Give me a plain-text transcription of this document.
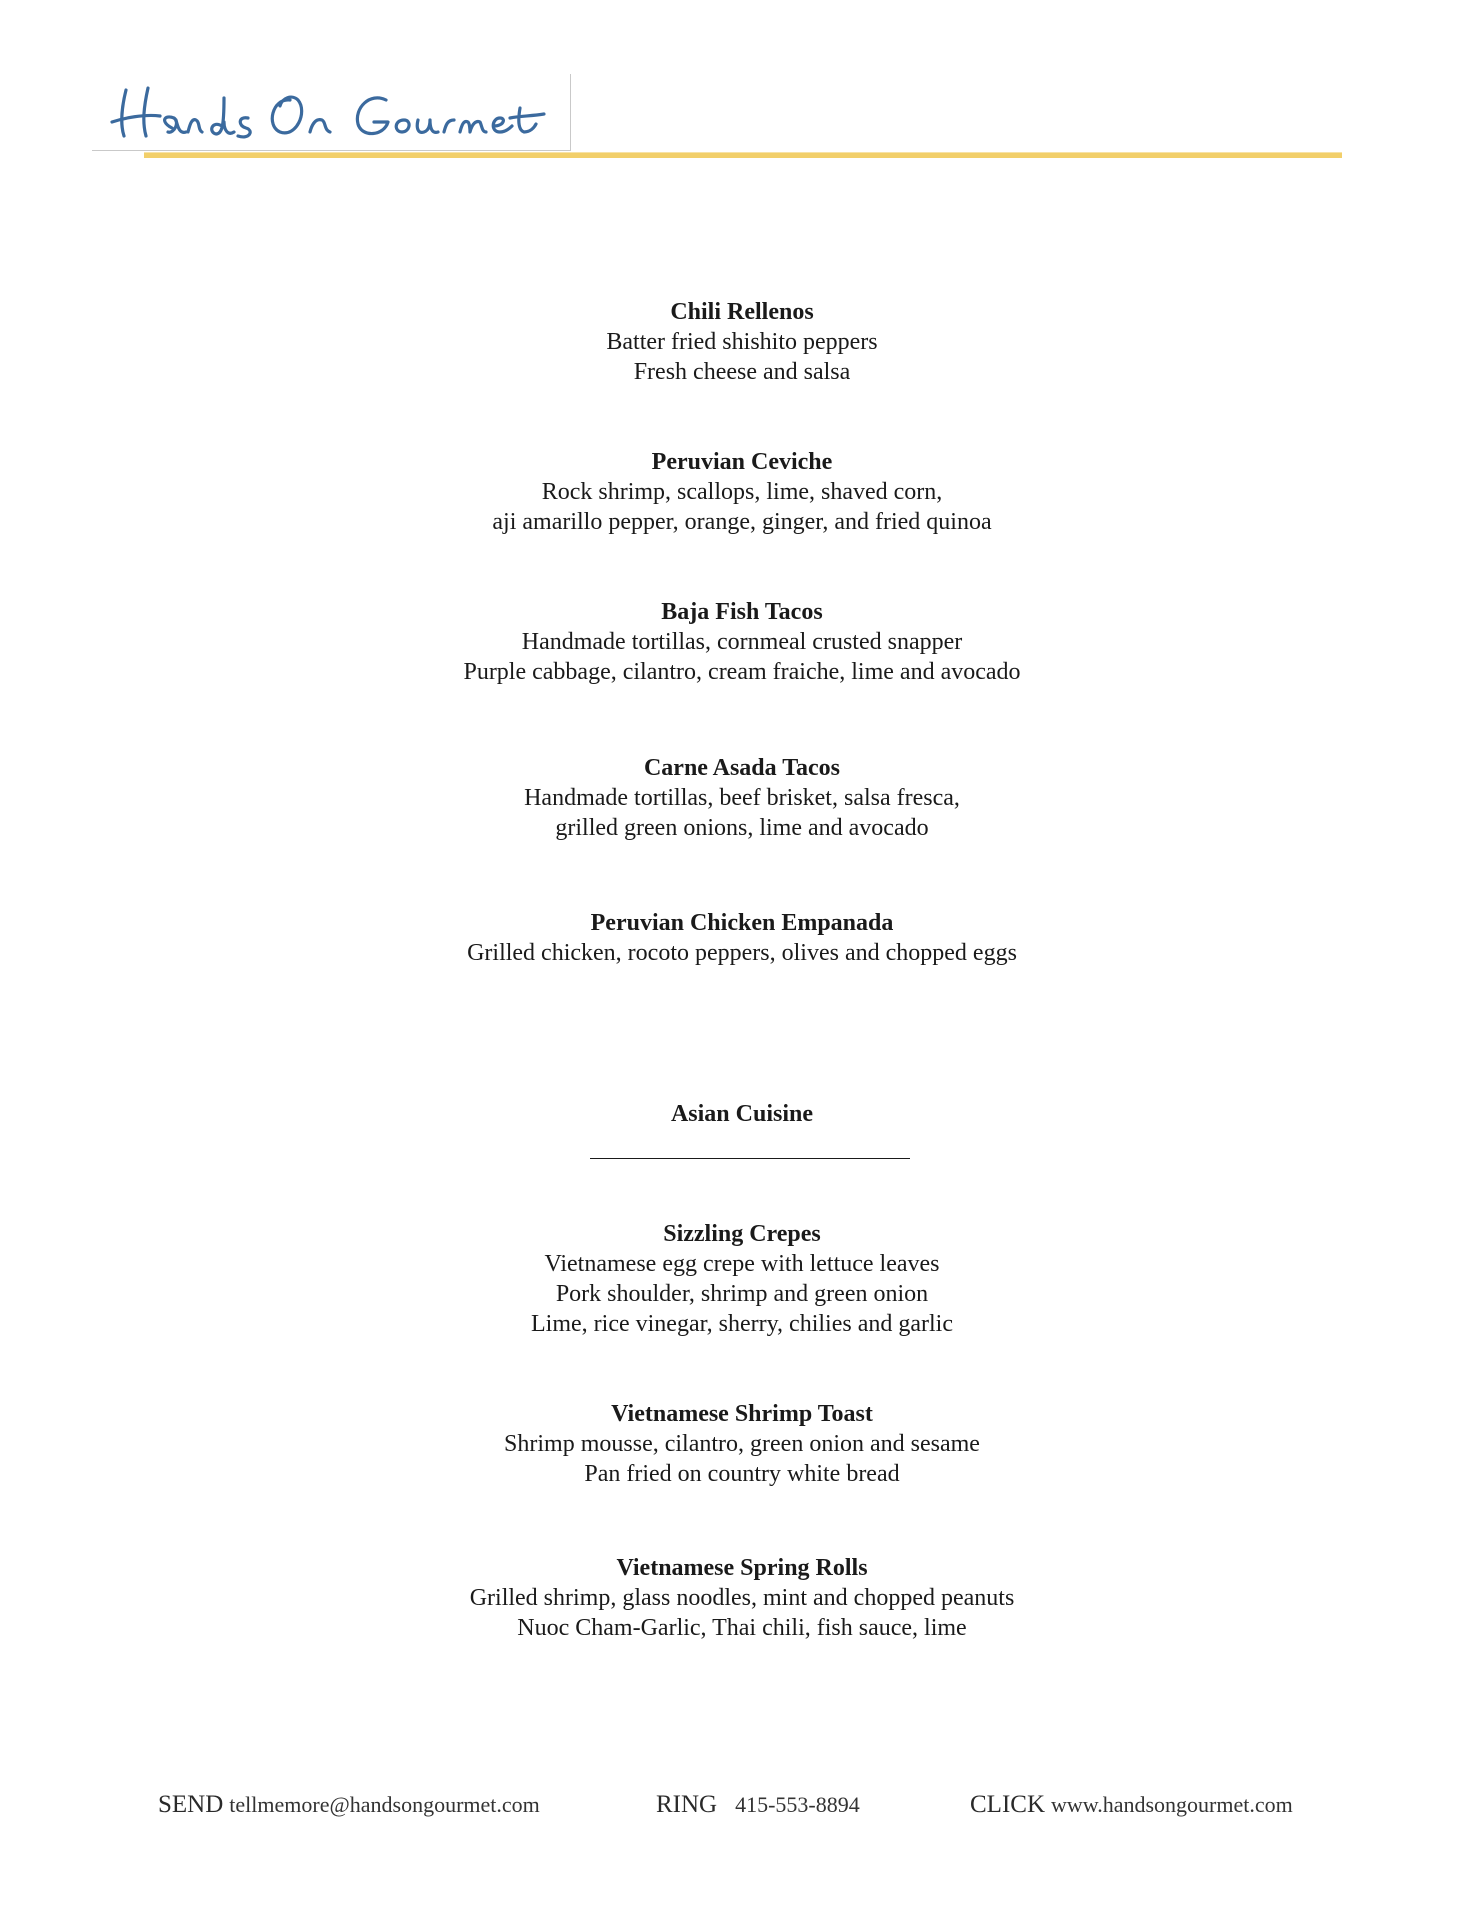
Chili Rellenos
Batter fried shishito peppers
Fresh cheese and salsa
Peruvian Ceviche
Rock shrimp, scallops, lime, shaved corn,
aji amarillo pepper, orange, ginger, and fried quinoa
Baja Fish Tacos
Handmade tortillas, cornmeal crusted snapper
Purple cabbage, cilantro, cream fraiche, lime and avocado
Carne Asada Tacos
Handmade tortillas, beef brisket, salsa fresca,
grilled green onions, lime and avocado
Peruvian Chicken Empanada
Grilled chicken, rocoto peppers, olives and chopped eggs
Asian Cuisine
Sizzling Crepes
Vietnamese egg crepe with lettuce leaves
Pork shoulder, shrimp and green onion
Lime, rice vinegar, sherry, chilies and garlic
Vietnamese Shrimp Toast
Shrimp mousse, cilantro, green onion and sesame
Pan fried on country white bread
Vietnamese Spring Rolls
Grilled shrimp, glass noodles, mint and chopped peanuts
Nuoc Cham-Garlic, Thai chili, fish sauce, lime
SEND tellmemore@handsongourmet.com	RING 415-553-8894	CLICK www.handsongourmet.com
